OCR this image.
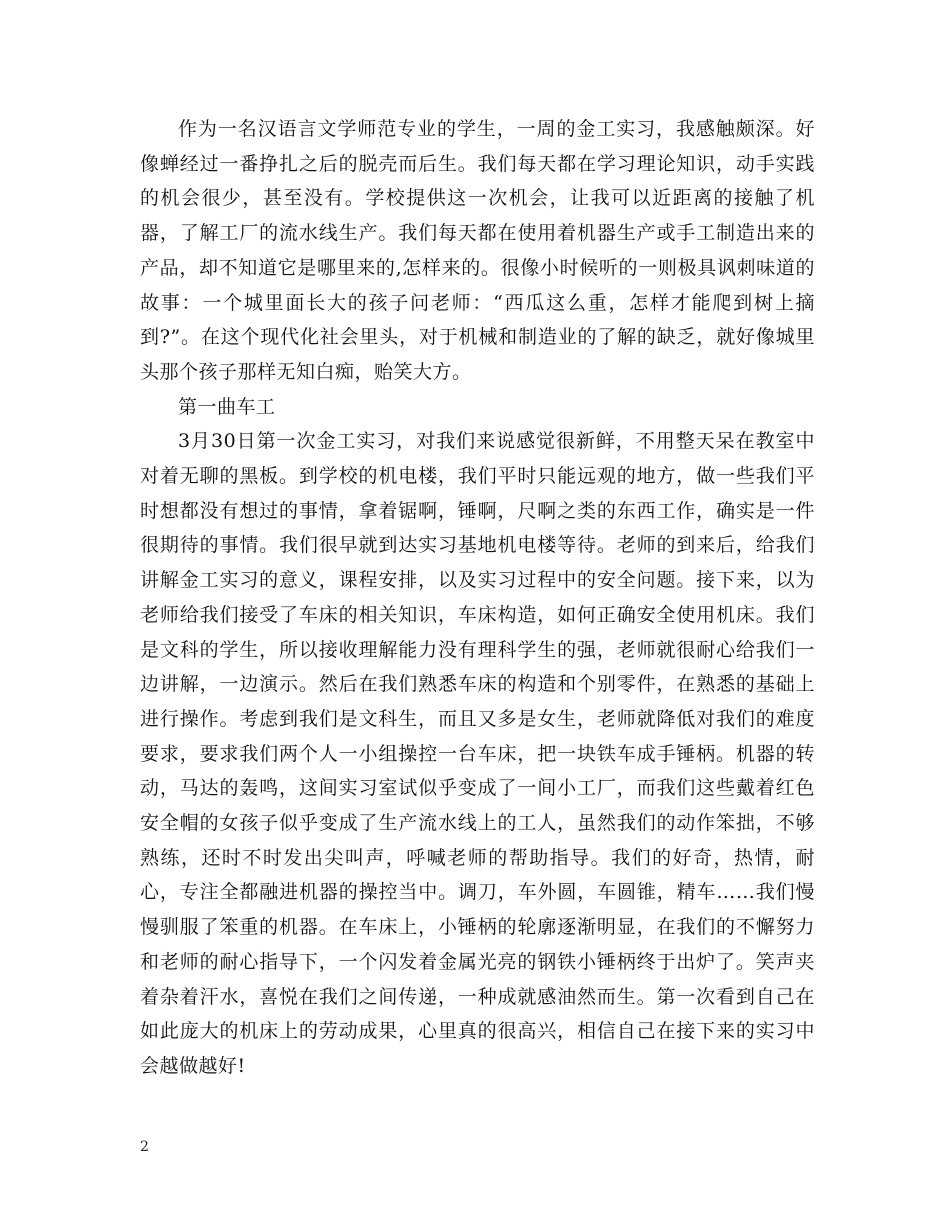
作为一名汉语言文学师范专业的学生，一周的金工实习，我感触颇深。好像蝉经过一番挣扎之后的脱壳而后生。我们每天都在学习理论知识，动手实践的机会很少，甚至没有。学校提供这一次机会，让我可以近距离的接触了机器，了解工厂的流水线生产。我们每天都在使用着机器生产或手工制造出来的产品，却不知道它是哪里来的,怎样来的。很像小时候听的一则极具讽刺味道的故事：一个城里面长大的孩子问老师：“西瓜这么重，怎样才能爬到树上摘到?”。在这个现代化社会里头，对于机械和制造业的了解的缺乏，就好像城里头那个孩子那样无知白痴，贻笑大方。

第一曲车工

3月30日第一次金工实习，对我们来说感觉很新鲜，不用整天呆在教室中对着无聊的黑板。到学校的机电楼，我们平时只能远观的地方，做一些我们平时想都没有想过的事情，拿着锯啊，锤啊，尺啊之类的东西工作，确实是一件很期待的事情。我们很早就到达实习基地机电楼等待。老师的到来后，给我们讲解金工实习的意义，课程安排，以及实习过程中的安全问题。接下来，以为老师给我们接受了车床的相关知识，车床构造，如何正确安全使用机床。我们是文科的学生，所以接收理解能力没有理科学生的强，老师就很耐心给我们一边讲解，一边演示。然后在我们熟悉车床的构造和个别零件，在熟悉的基础上进行操作。考虑到我们是文科生，而且又多是女生，老师就降低对我们的难度要求，要求我们两个人一小组操控一台车床，把一块铁车成手锤柄。机器的转动，马达的轰鸣，这间实习室试似乎变成了一间小工厂，而我们这些戴着红色安全帽的女孩子似乎变成了生产流水线上的工人，虽然我们的动作笨拙，不够熟练，还时不时发出尖叫声，呼喊老师的帮助指导。我们的好奇，热情，耐心，专注全都融进机器的操控当中。调刀，车外圆，车圆锥，精车……我们慢慢驯服了笨重的机器。在车床上，小锤柄的轮廓逐渐明显，在我们的不懈努力和老师的耐心指导下，一个闪发着金属光亮的钢铁小锤柄终于出炉了。笑声夹着杂着汗水，喜悦在我们之间传递，一种成就感油然而生。第一次看到自己在如此庞大的机床上的劳动成果，心里真的很高兴，相信自己在接下来的实习中会越做越好!

2
